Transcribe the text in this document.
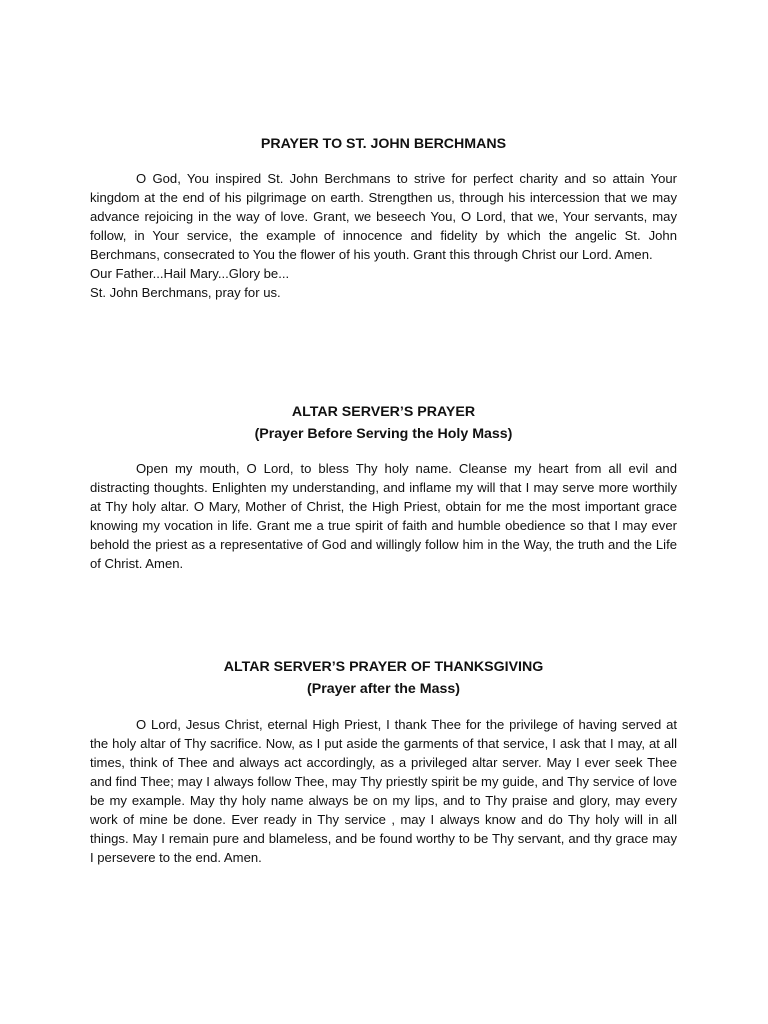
PRAYER TO ST. JOHN BERCHMANS

O God, You inspired St. John Berchmans to strive for perfect charity and so attain Your kingdom at the end of his pilgrimage on earth. Strengthen us, through his intercession that we may advance rejoicing in the way of love. Grant, we beseech You, O Lord, that we, Your servants, may follow, in Your service, the example of innocence and fidelity by which the angelic St. John Berchmans, consecrated to You the flower of his youth. Grant this through Christ our Lord. Amen.

Our Father...Hail Mary...Glory be...

St. John Berchmans, pray for us.

ALTAR SERVER’S PRAYER
(Prayer Before Serving the Holy Mass)

Open my mouth, O Lord, to bless Thy holy name. Cleanse my heart from all evil and distracting thoughts. Enlighten my understanding, and inflame my will that I may serve more worthily at Thy holy altar. O Mary, Mother of Christ, the High Priest, obtain for me the most important grace knowing my vocation in life. Grant me a true spirit of faith and humble obedience so that I may ever behold the priest as a representative of God and willingly follow him in the Way, the truth and the Life of Christ. Amen.

ALTAR SERVER’S PRAYER OF THANKSGIVING
(Prayer after the Mass)

O Lord, Jesus Christ, eternal High Priest, I thank Thee for the privilege of having served at the holy altar of Thy sacrifice. Now, as I put aside the garments of that service, I ask that I may, at all times, think of Thee and always act accordingly, as a privileged altar server. May I ever seek Thee and find Thee; may I always follow Thee, may Thy priestly spirit be my guide, and Thy service of love be my example. May thy holy name always be on my lips, and to Thy praise and glory, may every work of mine be done. Ever ready in Thy service , may I always know and do Thy holy will in all things. May I remain pure and blameless, and be found worthy to be Thy servant, and thy grace may I persevere to the end. Amen.
